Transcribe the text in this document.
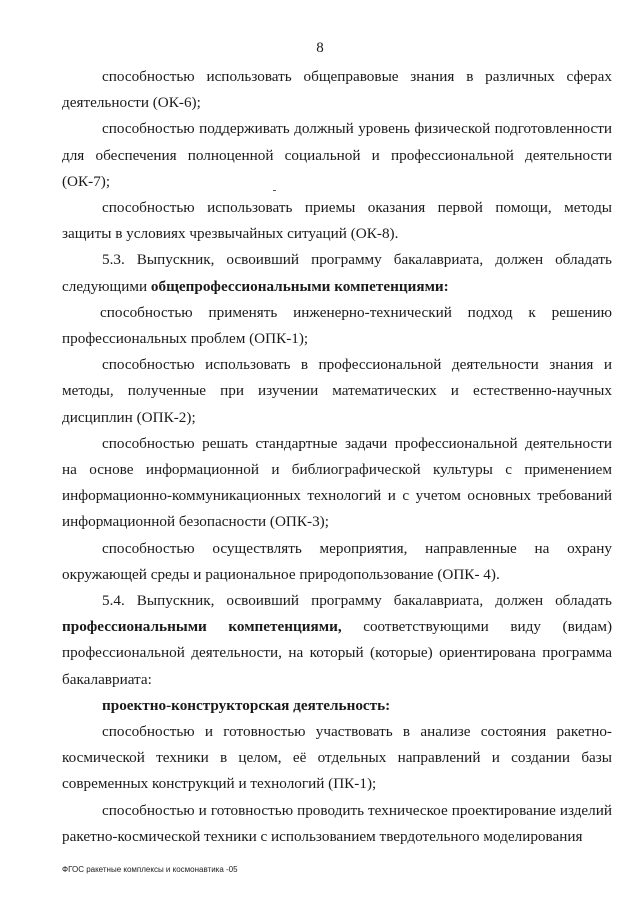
8

способностью использовать общеправовые знания в различных сферах деятельности (ОК-6);

способностью поддерживать должный уровень физической подготовленности для обеспечения полноценной социальной и профессиональной деятельности (ОК-7);

способностью использовать приемы оказания первой помощи, методы защиты в условиях чрезвычайных ситуаций (ОК-8).

5.3. Выпускник, освоивший программу бакалавриата, должен обладать следующими общепрофессиональными компетенциями:

способностью применять инженерно-технический подход к решению профессиональных проблем (ОПК-1);

способностью использовать в профессиональной деятельности знания и методы, полученные при изучении математических и естественно-научных дисциплин (ОПК-2);

способностью решать стандартные задачи профессиональной деятельности на основе информационной и библиографической культуры с применением информационно-коммуникационных технологий и с учетом основных требований информационной безопасности (ОПК-3);

способностью осуществлять мероприятия, направленные на охрану окружающей среды и рациональное природопользование (ОПК- 4).

5.4. Выпускник, освоивший программу бакалавриата, должен обладать профессиональными компетенциями, соответствующими виду (видам) профессиональной деятельности, на который (которые) ориентирована программа бакалавриата:

проектно-конструкторская деятельность:

способностью и готовностью участвовать в анализе состояния ракетно-космической техники в целом, её отдельных направлений и создании базы современных конструкций и технологий (ПК-1);

способностью и готовностью проводить техническое проектирование изделий ракетно-космической техники с использованием твердотельного моделирования

ФГОС ракетные комплексы и космонавтика -05
